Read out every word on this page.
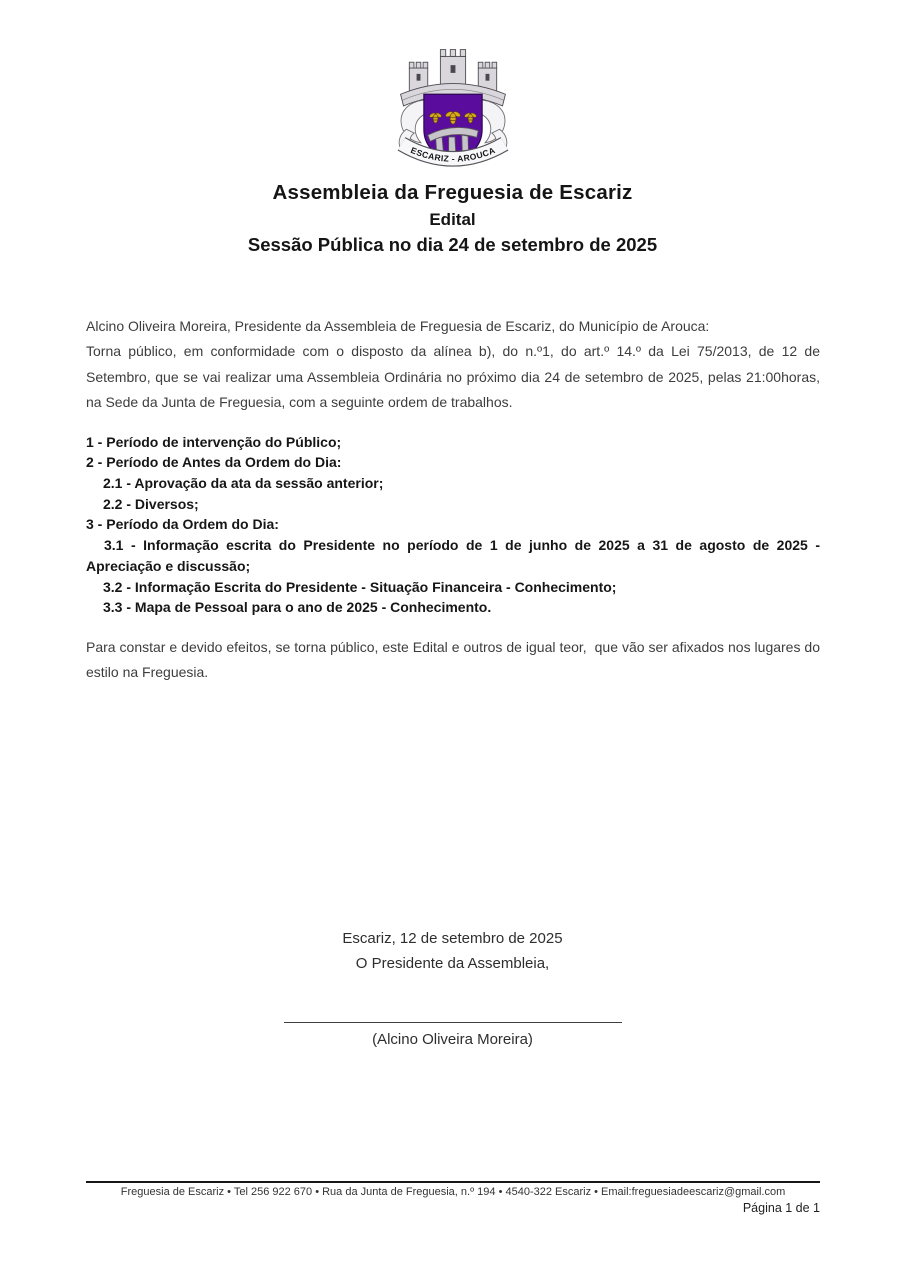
ESCARIZ - AROUCA
Assembleia da Freguesia de Escariz
Edital
Sessão Pública no dia 24 de setembro de 2025

Alcino Oliveira Moreira, Presidente da Assembleia de Freguesia de Escariz, do Município de Arouca:

Torna público, em conformidade com o disposto da alínea b), do n.º1, do art.º 14.º da Lei 75/2013, de 12 de Setembro, que se vai realizar uma Assembleia Ordinária no próximo dia 24 de setembro de 2025, pelas 21:00horas, na Sede da Junta de Freguesia, com a seguinte ordem de trabalhos.

1 - Período de intervenção do Público;
2 - Período de Antes da Ordem do Dia:
2.1 - Aprovação da ata da sessão anterior;
2.2 - Diversos;
3 - Período da Ordem do Dia:
3.1 - Informação escrita do Presidente no período de 1 de junho de 2025 a 31 de agosto de 2025 - Apreciação e discussão;
3.2 - Informação Escrita do Presidente - Situação Financeira - Conhecimento;
3.3 - Mapa de Pessoal para o ano de 2025 - Conhecimento.

Para constar e devido efeitos, se torna público, este Edital e outros de igual teor,  que vão ser afixados nos lugares do estilo na Freguesia.

Escariz, 12 de setembro de 2025
O Presidente da Assembleia,
(Alcino Oliveira Moreira)
Freguesia de Escariz • Tel 256 922 670 • Rua da Junta de Freguesia, n.º 194 • 4540-322 Escariz • Email:freguesiadeescariz@gmail.com
Página 1 de 1
